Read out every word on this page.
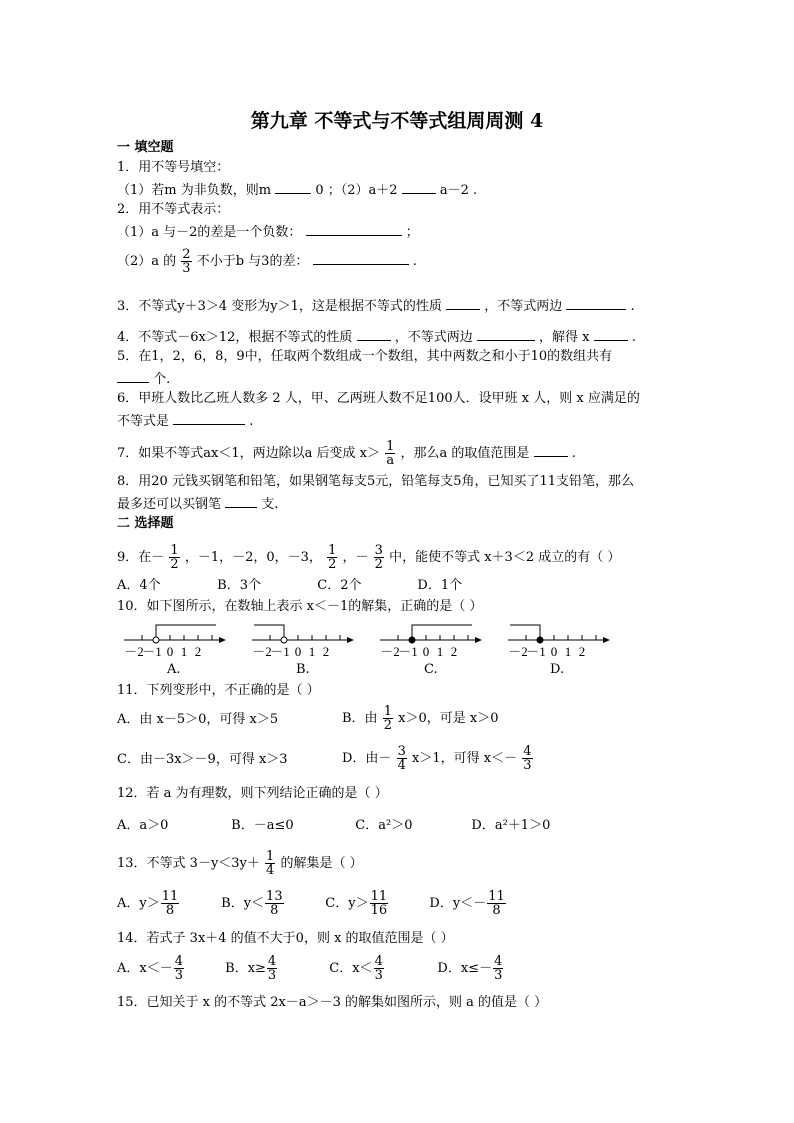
第九章 不等式与不等式组周周测 4
一 填空题
1．用不等号填空：
（1）若m 为非负数，则m	0 ；（2）a＋2	a－2 .
2．用不等式表示：
（1）a 与－2的差是一个负数：	；
（2）a 的 $\frac{2}{3}$ 不小于b 与3的差：	.
3．不等式y＋3＞4 变形为y＞1，这是根据不等式的性质	，不等式两边	.
4．不等式－6x＞12，根据不等式的性质	，不等式两边	，解得 x	.
5．在1，2，6，8，9中，任取两个数组成一个数组，其中两数之和小于10的数组共有
个.
6．甲班人数比乙班人数多 2 人，甲、乙两班人数不足100人．设甲班 x 人，则 x 应满足的
不等式是	.
7．如果不等式ax＜1，两边除以a 后变成 $x> \frac{1}{a}$ ，那么a 的取值范围是	.
8．用20 元钱买钢笔和铅笔，如果钢笔每支5元，铅笔每支5角，已知买了11支铅笔，那么
最多还可以买钢笔	支.
二 选择题
9．在－ $\frac{1}{2}$ ，－1，－2，0，－3， $\frac{1}{2}$ ，－ $\frac{3}{2}$ 中，能使不等式 x＋3＜2 成立的有（ ）
A．4个	B．3个	C．2个	D．1个
10．如下图所示，在数轴上表示 x＜－1的解集，正确的是（ ）
－2
－1 0 1 2	－2
－1 0 1 2	－2
－1 0 1 2	－2
－1 0 1 2
A.	B.	C.	D.
11．下列变形中，不正确的是（ ）
A．由 x－5＞0，可得 x＞5	B．由 $\frac{1}{2} x>0$，可是 x＞0
C．由－3x＞－9，可得 x＞3	D．由－ $\frac{3}{4} x>1$，可得 $x<- \frac{4}{3}$
12．若 a 为有理数，则下列结论正确的是（ ）
A．a＞0	B．－a≤0	C．a²＞0	D．a²＋1＞0
13．不等式 $3-y<3y+ \frac{1}{4}$ 的解集是（ ）
A．$y> \frac{11}{8}$	B．$y< \frac{13}{8}$	C．$y> \frac{11}{16}$	D．$y<- \frac{11}{8}$
14．若式子 3x＋4 的值不大于0，则 x 的取值范围是（ ）
A．$x<- \frac{4}{3}$	B．$x\ge \frac{4}{3}$	C．$x< \frac{4}{3}$	D．$x\le- \frac{4}{3}$
15．已知关于 x 的不等式 2x－a＞－3 的解集如图所示，则 a 的值是（ ）
